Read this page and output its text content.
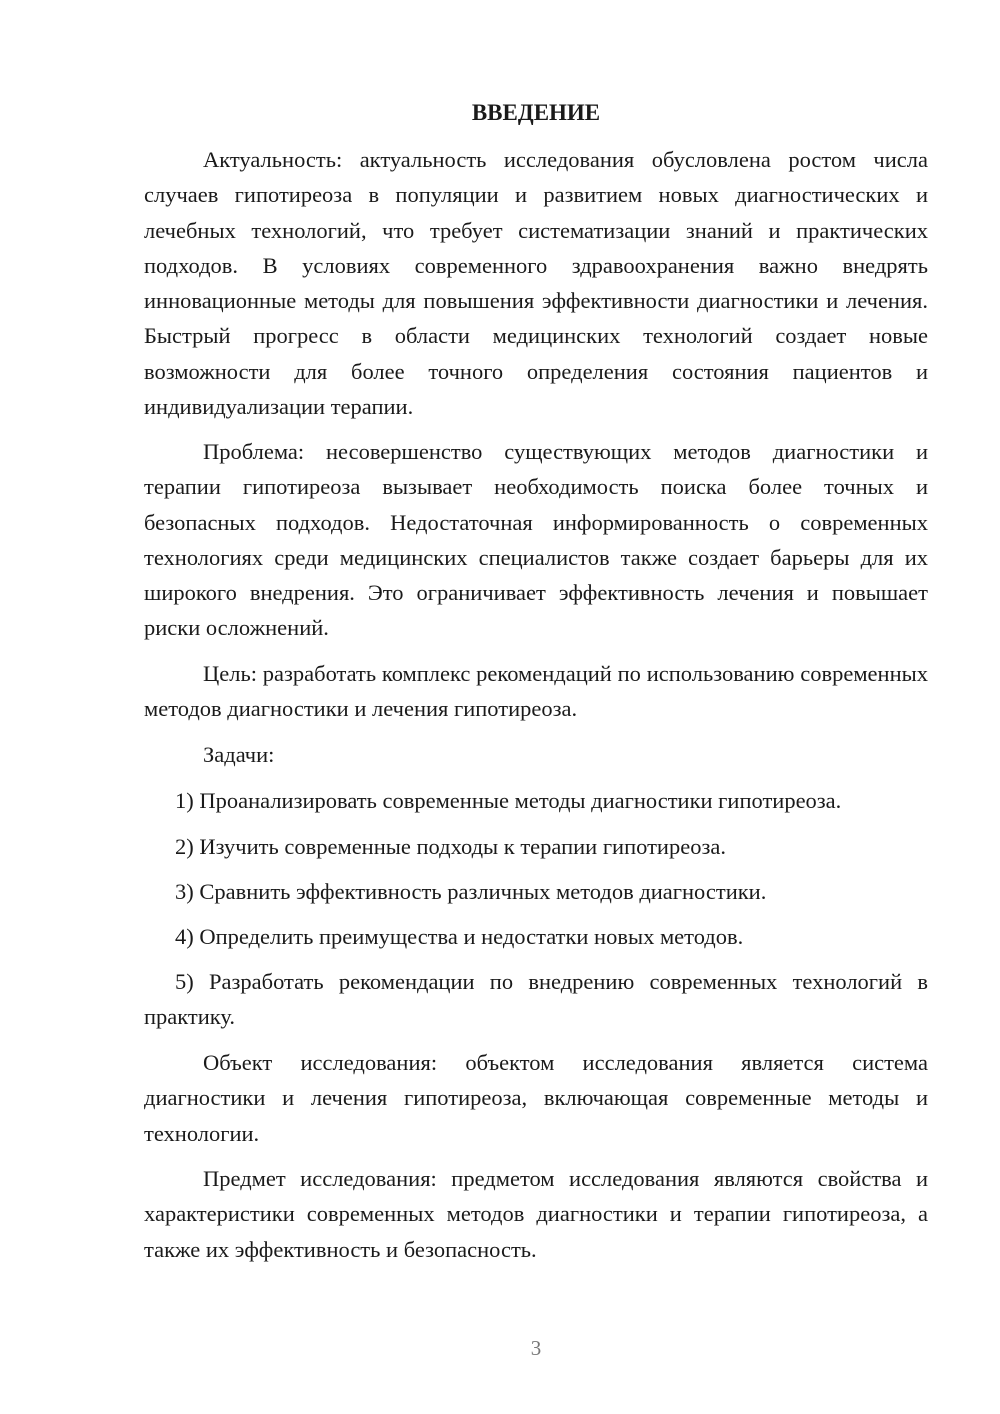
ВВЕДЕНИЕ

Актуальность: актуальность исследования обусловлена ростом числа случаев гипотиреоза в популяции и развитием новых диагностических и лечебных технологий, что требует систематизации знаний и практических подходов. В условиях современного здравоохранения важно внедрять инновационные методы для повышения эффективности диагностики и лечения. Быстрый прогресс в области медицинских технологий создает новые возможности для более точного определения состояния пациентов и индивидуализации терапии.

Проблема: несовершенство существующих методов диагностики и терапии гипотиреоза вызывает необходимость поиска более точных и безопасных подходов. Недостаточная информированность о современных технологиях среди медицинских специалистов также создает барьеры для их широкого внедрения. Это ограничивает эффективность лечения и повышает риски осложнений.

Цель: разработать комплекс рекомендаций по использованию современных методов диагностики и лечения гипотиреоза.

Задачи:

1) Проанализировать современные методы диагностики гипотиреоза.

2) Изучить современные подходы к терапии гипотиреоза.

3) Сравнить эффективность различных методов диагностики.

4) Определить преимущества и недостатки новых методов.

5) Разработать рекомендации по внедрению современных технологий в практику.

Объект исследования: объектом исследования является система диагностики и лечения гипотиреоза, включающая современные методы и технологии.

Предмет исследования: предметом исследования являются свойства и характеристики современных методов диагностики и терапии гипотиреоза, а также их эффективность и безопасность.

3
